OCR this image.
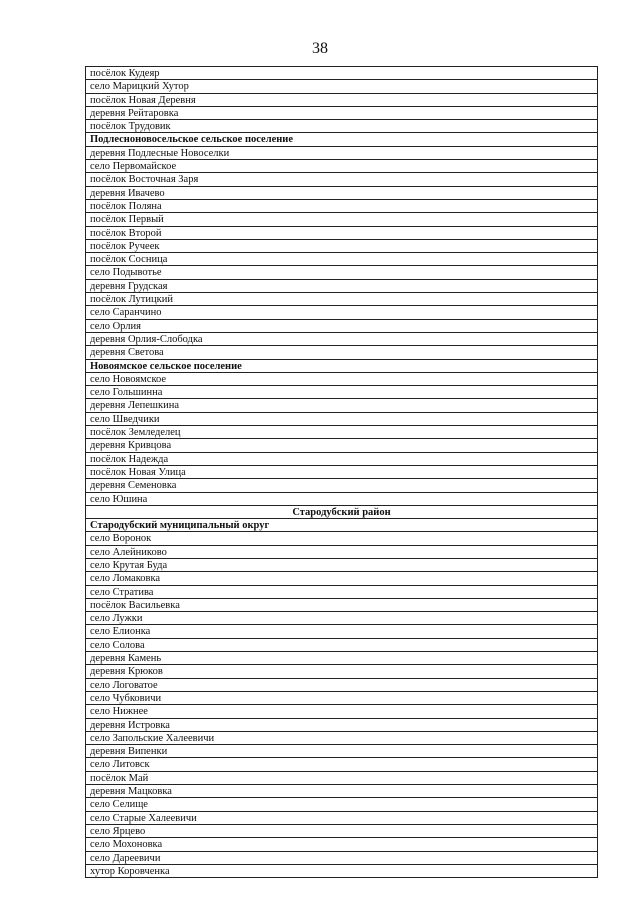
38
посёлок Кудеяр
село Марицкий Хутор
посёлок Новая Деревня
деревня Рейтаровка
посёлок Трудовик
Подлесноновосельское сельское поселение
деревня Подлесные Новоселки
село Первомайское
посёлок Восточная Заря
деревня Ивачево
посёлок Поляна
посёлок Первый
посёлок Второй
посёлок Ручеек
посёлок Сосница
село Подывотье
деревня Грудская
посёлок Лутицкий
село Саранчино
село Орлия
деревня Орлия-Слободка
деревня Светова
Новоямское сельское поселение
село Новоямское
село Гольшинна
деревня Лепешкина
село Шведчики
посёлок Земледелец
деревня Кривцова
посёлок Надежда
посёлок Новая Улица
деревня Семеновка
село Юшина
Стародубский район
Стародубский муниципальный округ
село Воронок
село Алейниково
село Крутая Буда
село Ломаковка
село Стратива
посёлок Васильевка
село Лужки
село Елионка
село Солова
деревня Камень
деревня Крюков
село Логоватое
село Чубковичи
село Нижнее
деревня Истровка
село Запольские Халеевичи
деревня Випенки
село Литовск
посёлок Май
деревня Мацковка
село Селище
село Старые Халеевичи
село Ярцево
село Мохоновка
село Дареевичи
хутор Коровченка
